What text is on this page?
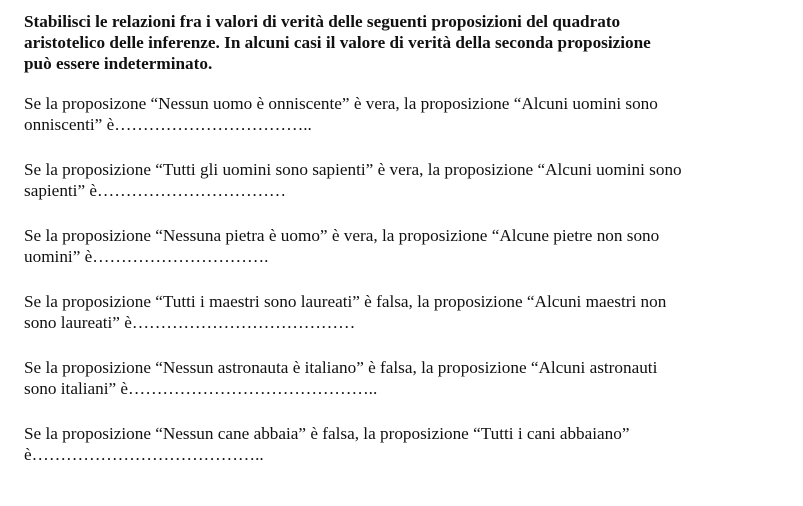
Stabilisci le relazioni fra i valori di verità delle seguenti proposizioni del quadrato
aristotelico delle inferenze. In alcuni casi il valore di verità della seconda proposizione
può essere indeterminato.

Se la proposizone “Nessun uomo è onniscente” è vera, la proposizione “Alcuni uomini sono
onniscenti” è……………………………..

Se la proposizione “Tutti gli uomini sono sapienti” è vera, la proposizione “Alcuni uomini sono
sapienti” è……………………………

Se la proposizione “Nessuna pietra è uomo” è vera, la proposizione “Alcune pietre non sono
uomini” è………………………….

Se la proposizione “Tutti i maestri sono laureati” è falsa, la proposizione “Alcuni maestri non
sono laureati” è…………………………………

Se la proposizione “Nessun astronauta è italiano” è falsa, la proposizione “Alcuni astronauti
sono italiani” è……………………………………..

Se la proposizione “Nessun cane abbaia” è falsa, la proposizione “Tutti i cani abbaiano”
è…………………………………..
